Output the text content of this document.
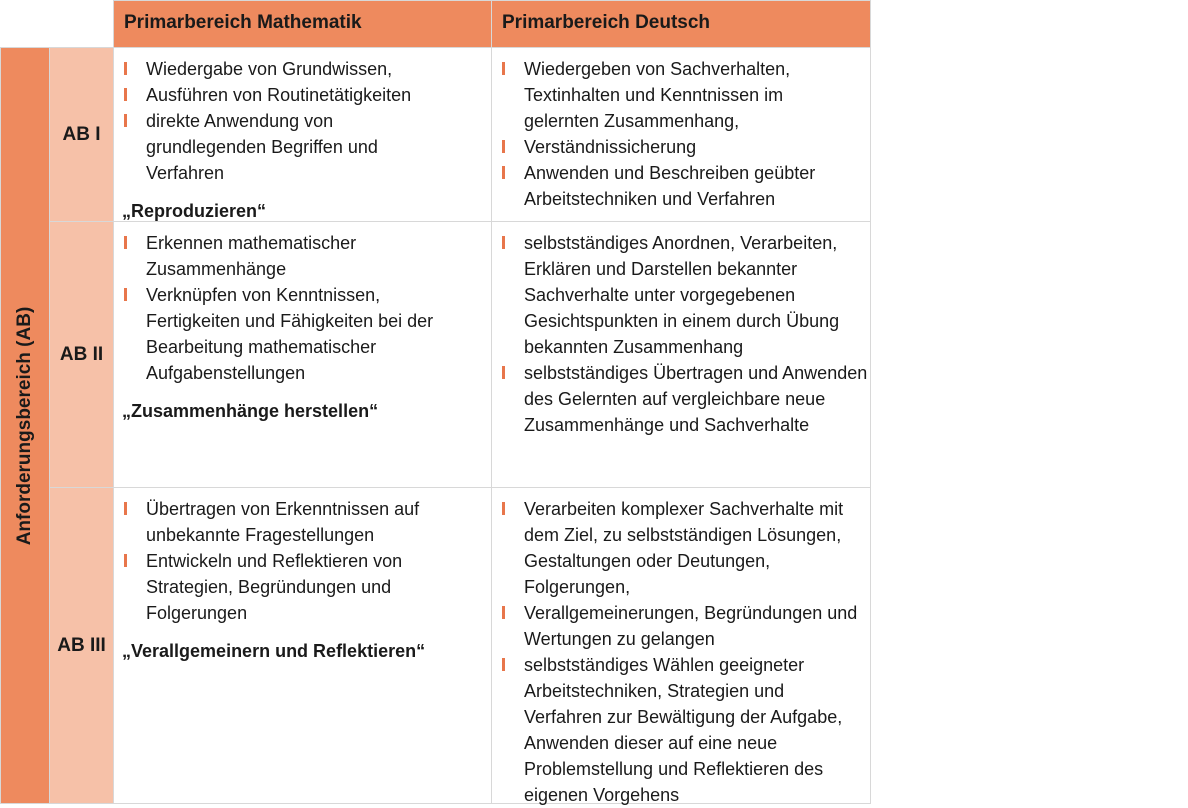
Primarbereich Mathematik	Primarbereich Deutsch
Anforderungsbereich (AB)
AB I
Wiedergabe von Grundwissen,
Ausführen von Routinetätigkeiten
direkte Anwendung von grundlegenden Begriffen und Verfahren
„Reproduzieren“
Wiedergeben von Sachverhalten, Textinhalten und Kenntnissen im gelernten Zusammenhang,
Verständnissicherung
Anwenden und Beschreiben geübter Arbeitstechniken und Verfahren
AB II
Erkennen mathematischer Zusammenhänge
Verknüpfen von Kenntnissen, Fertigkeiten und Fähigkeiten bei der Bearbeitung mathematischer Aufgabenstellungen
„Zusammenhänge herstellen“
selbstständiges Anordnen, Verarbeiten, Erklären und Darstellen bekannter Sachverhalte unter vorgegebenen Gesichtspunkten in einem durch Übung bekannten Zusammenhang
selbstständiges Übertragen und Anwenden des Gelernten auf vergleichbare neue Zusammenhänge und Sachverhalte
AB III
Übertragen von Erkenntnissen auf unbekannte Fragestellungen
Entwickeln und Reflektieren von Strategien, Begründungen und Folgerungen
„Verallgemeinern und Reflektieren“
Verarbeiten komplexer Sachverhalte mit dem Ziel, zu selbstständigen Lösungen, Gestaltungen oder Deutungen, Folgerungen,
Verallgemeinerungen, Begründungen und Wertungen zu gelangen
selbstständiges Wählen geeigneter Arbeitstechniken, Strategien und Verfahren zur Bewältigung der Aufgabe, Anwenden dieser auf eine neue Problemstellung und Reflektieren des eigenen Vorgehens
